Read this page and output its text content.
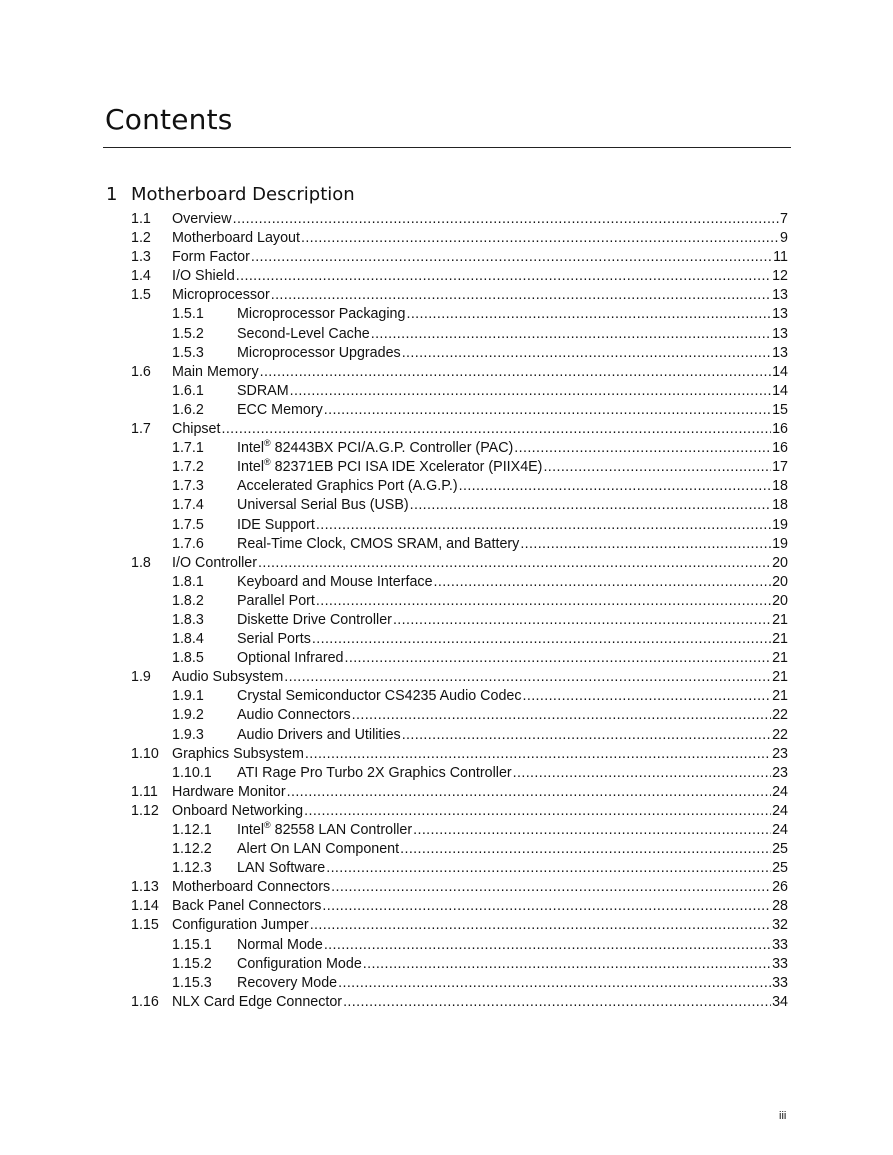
Contents
1 Motherboard Description
1.1 Overview . . .	7
1.2 Motherboard Layout . . .	9
1.3 Form Factor . . .	11
1.4 I/O Shield . . .	12
1.5 Microprocessor . . .	13
1.5.1 Microprocessor Packaging . . .	13
1.5.2 Second-Level Cache . . .	13
1.5.3 Microprocessor Upgrades . . .	13
1.6 Main Memory . . .	14
1.6.1 SDRAM . . .	14
1.6.2 ECC Memory . . .	15
1.7 Chipset . . .	16
1.7.1 Intel® 82443BX PCI/A.G.P. Controller (PAC) . . .	16
1.7.2 Intel® 82371EB PCI ISA IDE Xcelerator (PIIX4E) . . .	17
1.7.3 Accelerated Graphics Port (A.G.P.) . . .	18
1.7.4 Universal Serial Bus (USB) . . .	18
1.7.5 IDE Support . . .	19
1.7.6 Real-Time Clock, CMOS SRAM, and Battery . . .	19
1.8 I/O Controller . . .	20
1.8.1 Keyboard and Mouse Interface . . .	20
1.8.2 Parallel Port . . .	20
1.8.3 Diskette Drive Controller . . .	21
1.8.4 Serial Ports . . .	21
1.8.5 Optional Infrared . . .	21
1.9 Audio Subsystem . . .	21
1.9.1 Crystal Semiconductor CS4235 Audio Codec . . .	21
1.9.2 Audio Connectors . . .	22
1.9.3 Audio Drivers and Utilities . . .	22
1.10 Graphics Subsystem . . .	23
1.10.1 ATI Rage Pro Turbo 2X Graphics Controller . . .	23
1.11 Hardware Monitor . . .	24
1.12 Onboard Networking . . .	24
1.12.1 Intel® 82558 LAN Controller . . .	24
1.12.2 Alert On LAN Component . . .	25
1.12.3 LAN Software . . .	25
1.13 Motherboard Connectors . . .	26
1.14 Back Panel Connectors . . .	28
1.15 Configuration Jumper . . .	32
1.15.1 Normal Mode . . .	33
1.15.2 Configuration Mode . . .	33
1.15.3 Recovery Mode . . .	33
1.16 NLX Card Edge Connector . . .	34
iii
